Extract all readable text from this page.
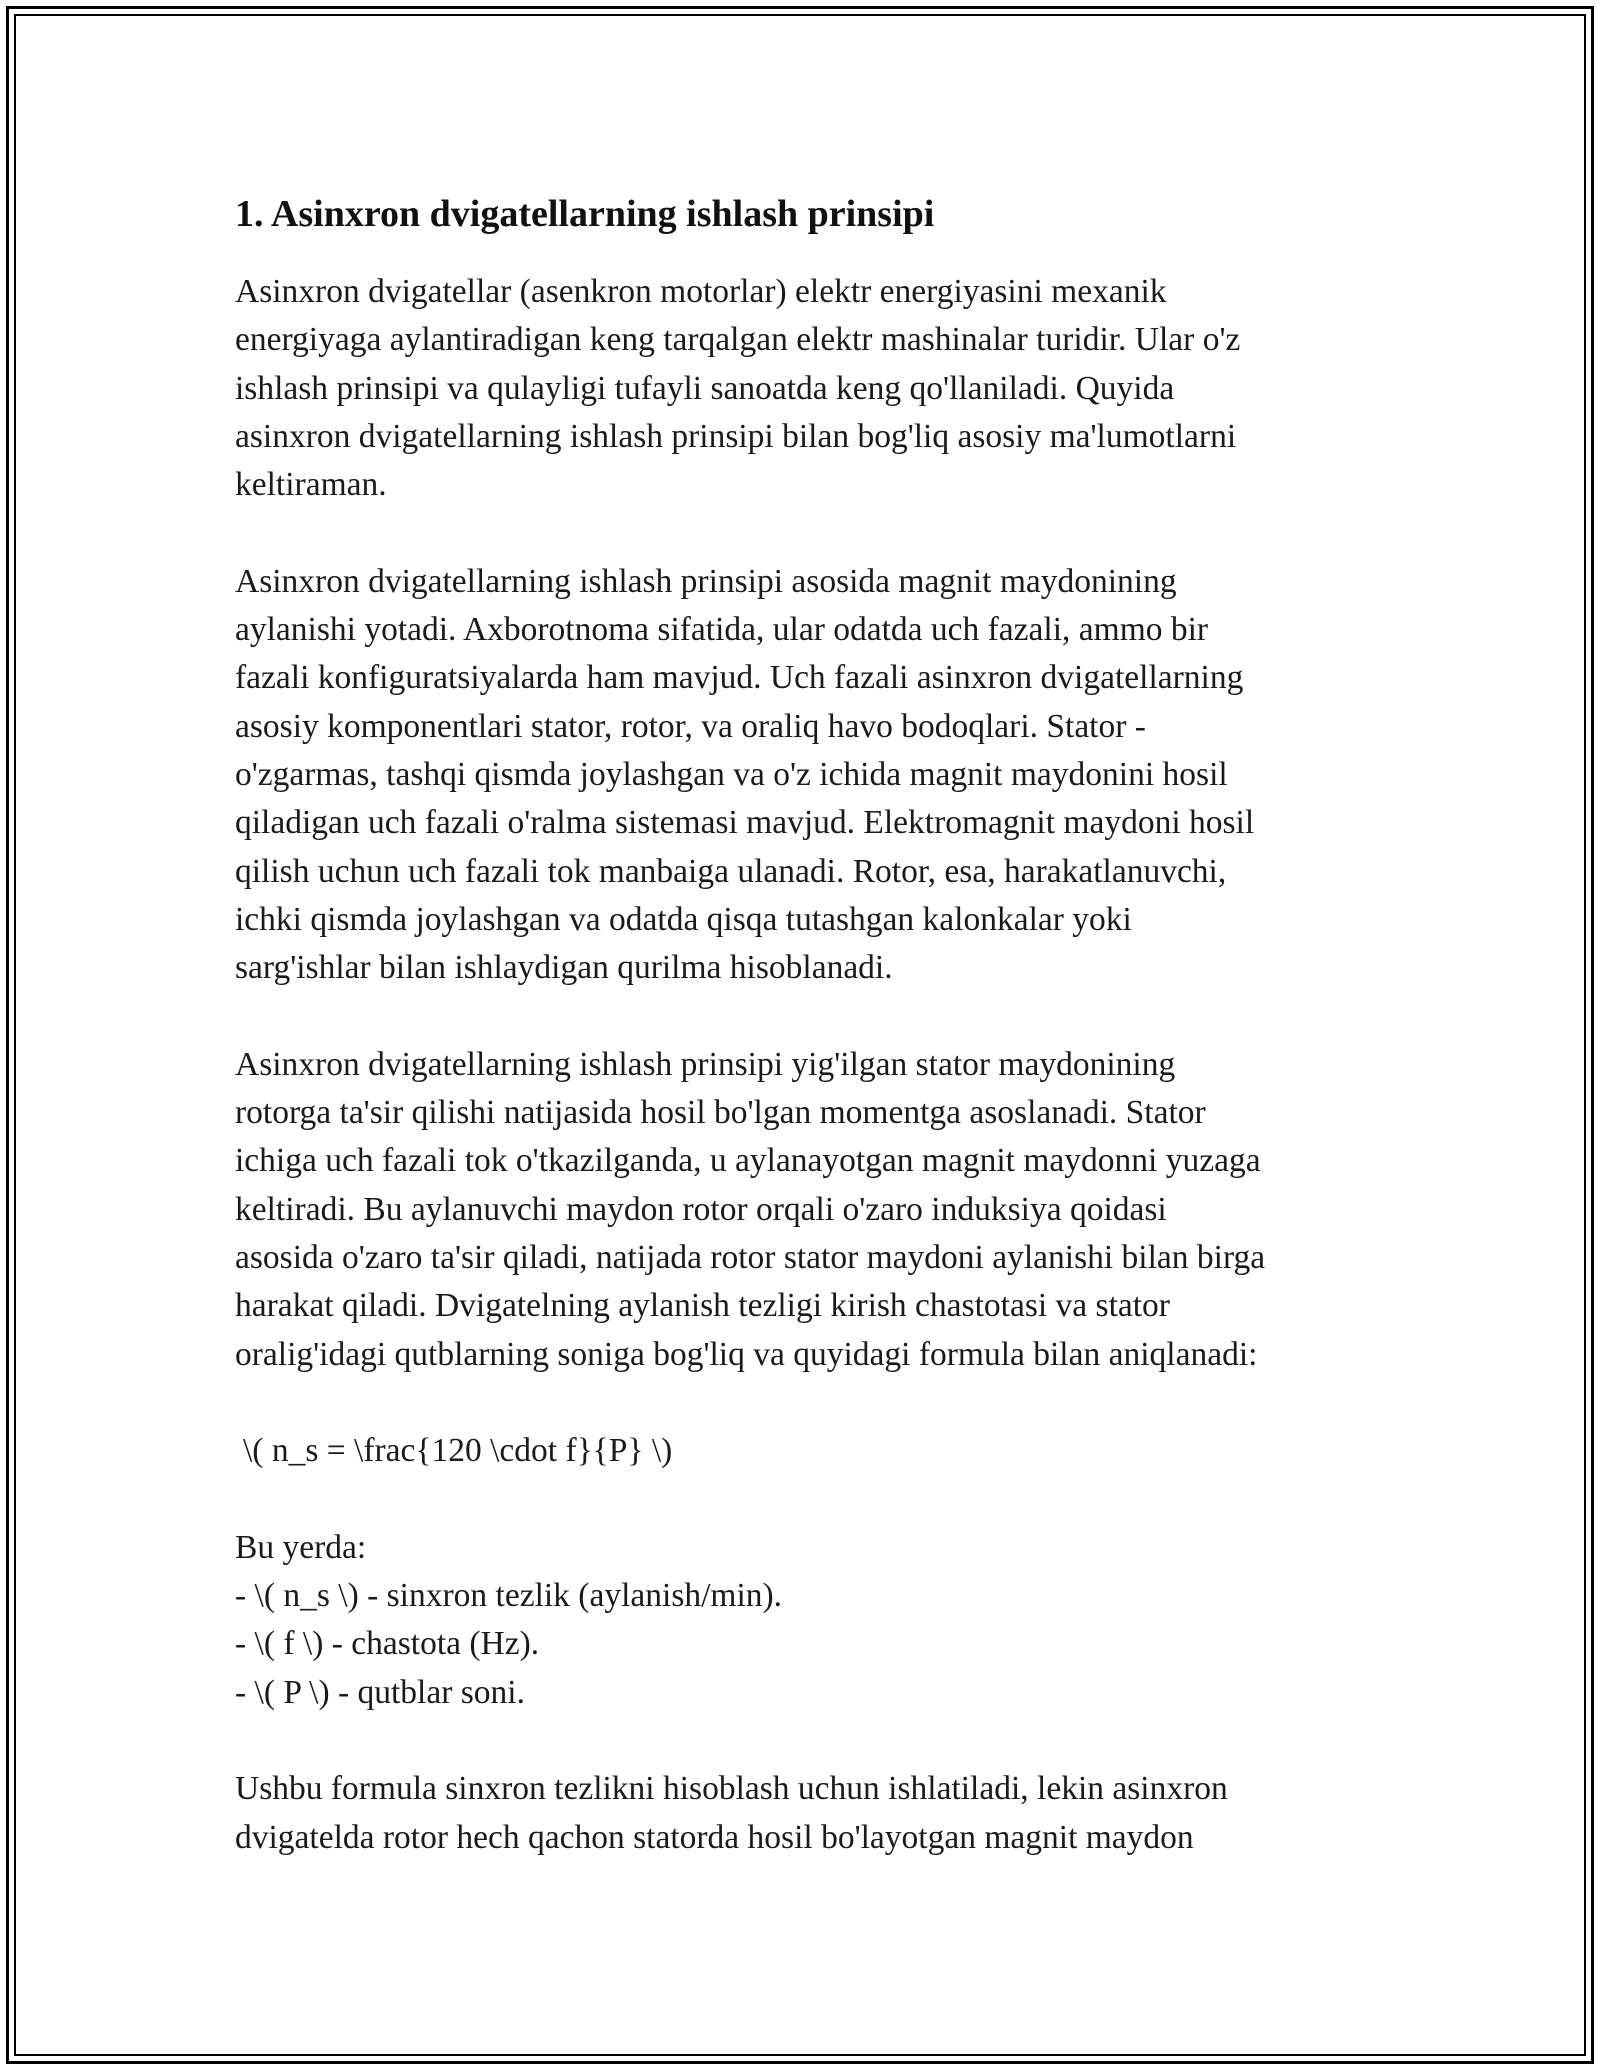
1. Asinxron dvigatellarning ishlash prinsipi

Asinxron dvigatellar (asenkron motorlar) elektr energiyasini mexanik
energiyaga aylantiradigan keng tarqalgan elektr mashinalar turidir. Ular o'z
ishlash prinsipi va qulayligi tufayli sanoatda keng qo'llaniladi. Quyida
asinxron dvigatellarning ishlash prinsipi bilan bog'liq asosiy ma'lumotlarni
keltiraman.

Asinxron dvigatellarning ishlash prinsipi asosida magnit maydonining
aylanishi yotadi. Axborotnoma sifatida, ular odatda uch fazali, ammo bir
fazali konfiguratsiyalarda ham mavjud. Uch fazali asinxron dvigatellarning
asosiy komponentlari stator, rotor, va oraliq havo bodoqlari. Stator -
o'zgarmas, tashqi qismda joylashgan va o'z ichida magnit maydonini hosil
qiladigan uch fazali o'ralma sistemasi mavjud. Elektromagnit maydoni hosil
qilish uchun uch fazali tok manbaiga ulanadi. Rotor, esa, harakatlanuvchi,
ichki qismda joylashgan va odatda qisqa tutashgan kalonkalar yoki
sarg'ishlar bilan ishlaydigan qurilma hisoblanadi.

Asinxron dvigatellarning ishlash prinsipi yig'ilgan stator maydonining
rotorga ta'sir qilishi natijasida hosil bo'lgan momentga asoslanadi. Stator
ichiga uch fazali tok o'tkazilganda, u aylanayotgan magnit maydonni yuzaga
keltiradi. Bu aylanuvchi maydon rotor orqali o'zaro induksiya qoidasi
asosida o'zaro ta'sir qiladi, natijada rotor stator maydoni aylanishi bilan birga
harakat qiladi. Dvigatelning aylanish tezligi kirish chastotasi va stator
oralig'idagi qutblarning soniga bog'liq va quyidagi formula bilan aniqlanadi:

\( n_s = \frac{120 \cdot f}{P} \)
Bu yerda:
- \( n_s \) - sinxron tezlik (aylanish/min).
- \( f \) - chastota (Hz).
- \( P \) - qutblar soni.

Ushbu formula sinxron tezlikni hisoblash uchun ishlatiladi, lekin asinxron
dvigatelda rotor hech qachon statorda hosil bo'layotgan magnit maydon
